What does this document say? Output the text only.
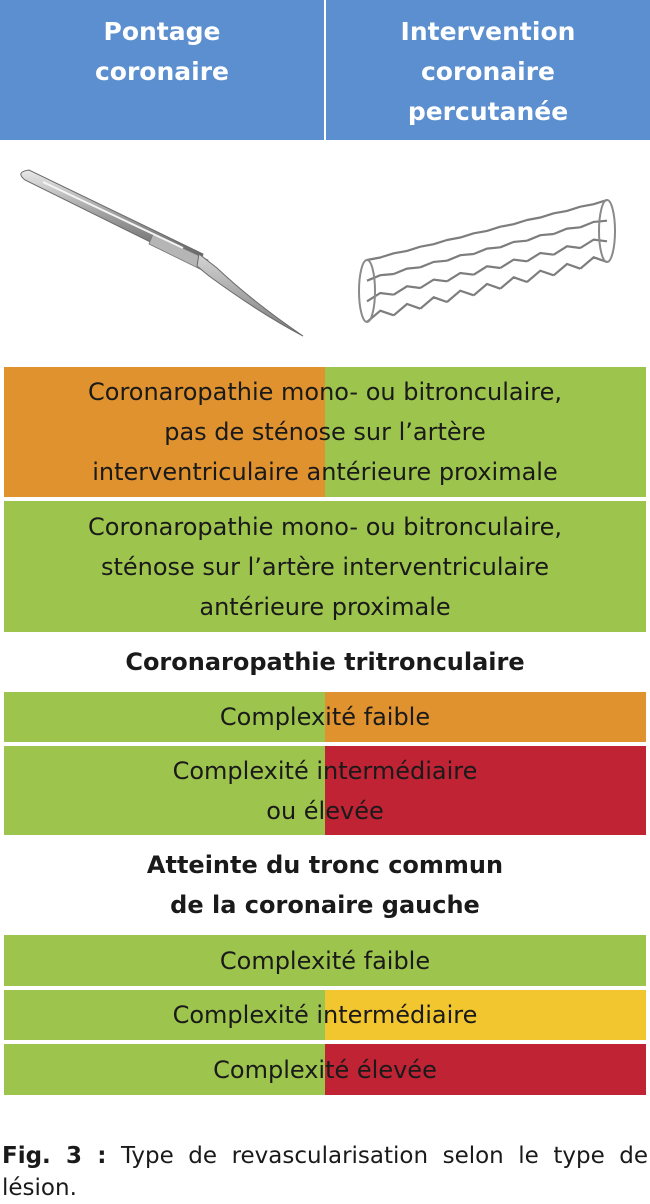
Pontage
coronaire
Intervention
coronaire
percutanée
Coronaropathie mono- ou bitronculaire,
pas de sténose sur l’artère
interventriculaire antérieure proximale
Coronaropathie mono- ou bitronculaire,
sténose sur l’artère interventriculaire
antérieure proximale
Coronaropathie tritronculaire
Complexité faible
Complexité intermédiaire
ou élevée
Atteinte du tronc commun
de la coronaire gauche
Complexité faible
Complexité intermédiaire
Complexité élevée
Fig. 3 : Type de revascularisation selon le type de lésion.
